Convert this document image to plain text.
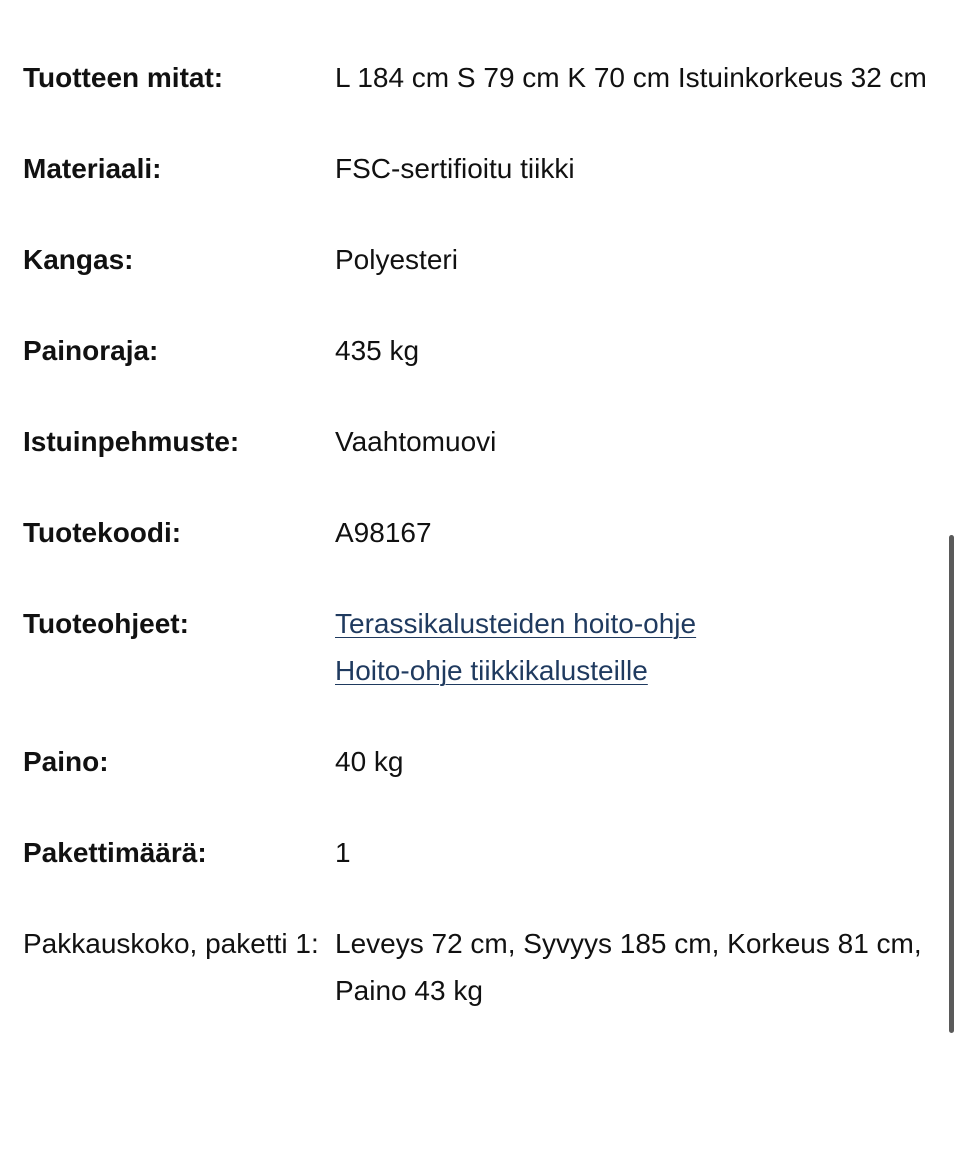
Tuotteen mitat:	L 184 cm S 79 cm K 70 cm Istuinkorkeus 32 cm
Materiaali:	FSC-sertifioitu tiikki
Kangas:	Polyesteri
Painoraja:	435 kg
Istuinpehmuste:	Vaahtomuovi
Tuotekoodi:	A98167
Tuoteohjeet:	Terassikalusteiden hoito-ohje
Hoito-ohje tiikkikalusteille
Paino:	40 kg
Pakettimäärä:	1
Pakkauskoko, paketti 1: Leveys 72 cm, Syvyys 185 cm, Korkeus 81 cm, Paino 43 kg
